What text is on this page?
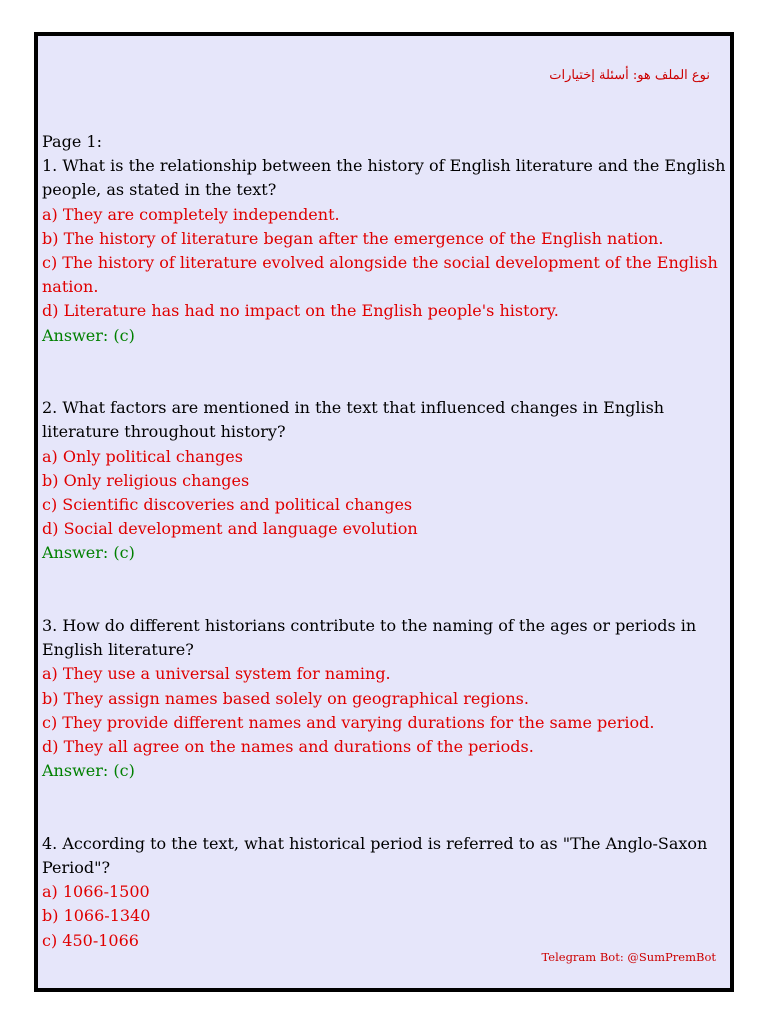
نوع الملف هو: أسئلة إختيارات
Page 1:
1. What is the relationship between the history of English literature and the English people, as stated in the text?
a) They are completely independent.
b) The history of literature began after the emergence of the English nation.
c) The history of literature evolved alongside the social development of the English nation.
d) Literature has had no impact on the English people's history.
Answer: (c)
2. What factors are mentioned in the text that influenced changes in English literature throughout history?
a) Only political changes
b) Only religious changes
c) Scientific discoveries and political changes
d) Social development and language evolution
Answer: (c)
3. How do different historians contribute to the naming of the ages or periods in English literature?
a) They use a universal system for naming.
b) They assign names based solely on geographical regions.
c) They provide different names and varying durations for the same period.
d) They all agree on the names and durations of the periods.
Answer: (c)
4. According to the text, what historical period is referred to as "The Anglo-Saxon Period"?
a) 1066-1500
b) 1066-1340
c) 450-1066
Telegram Bot: @SumPremBot
